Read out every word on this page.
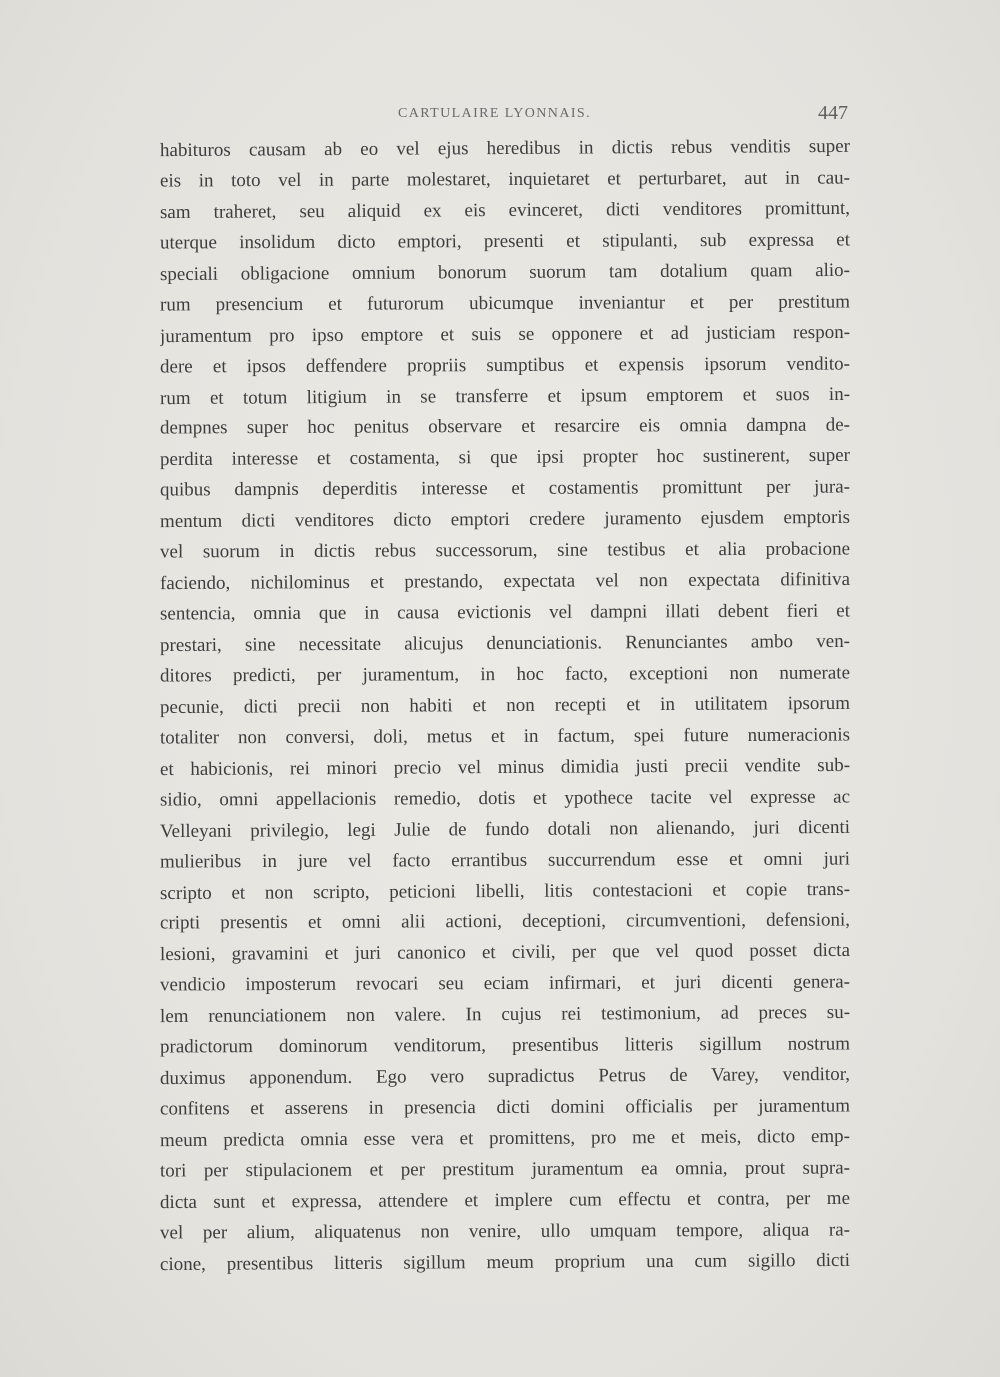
CARTULAIRE LYONNAIS.	447
habituros causam ab eo vel ejus heredibus in dictis rebus venditis super
eis in toto vel in parte molestaret, inquietaret et perturbaret, aut in cau-
sam traheret, seu aliquid ex eis evinceret, dicti venditores promittunt,
uterque insolidum dicto emptori, presenti et stipulanti, sub expressa et
speciali obligacione omnium bonorum suorum tam dotalium quam alio-
rum presencium et futurorum ubicumque inveniantur et per prestitum
juramentum pro ipso emptore et suis se opponere et ad justiciam respon-
dere et ipsos deffendere propriis sumptibus et expensis ipsorum vendito-
rum et totum litigium in se transferre et ipsum emptorem et suos in-
dempnes super hoc penitus observare et resarcire eis omnia dampna de-
perdita interesse et costamenta, si que ipsi propter hoc sustinerent, super
quibus dampnis deperditis interesse et costamentis promittunt per jura-
mentum dicti venditores dicto emptori credere juramento ejusdem emptoris
vel suorum in dictis rebus successorum, sine testibus et alia probacione
faciendo, nichilominus et prestando, expectata vel non expectata difinitiva
sentencia, omnia que in causa evictionis vel dampni illati debent fieri et
prestari, sine necessitate alicujus denunciationis. Renunciantes ambo ven-
ditores predicti, per juramentum, in hoc facto, exceptioni non numerate
pecunie, dicti precii non habiti et non recepti et in utilitatem ipsorum
totaliter non conversi, doli, metus et in factum, spei future numeracionis
et habicionis, rei minori precio vel minus dimidia justi precii vendite sub-
sidio, omni appellacionis remedio, dotis et ypothece tacite vel expresse ac
Velleyani privilegio, legi Julie de fundo dotali non alienando, juri dicenti
mulieribus in jure vel facto errantibus succurrendum esse et omni juri
scripto et non scripto, peticioni libelli, litis contestacioni et copie trans-
cripti presentis et omni alii actioni, deceptioni, circumventioni, defensioni,
lesioni, gravamini et juri canonico et civili, per que vel quod posset dicta
vendicio imposterum revocari seu eciam infirmari, et juri dicenti genera-
lem renunciationem non valere. In cujus rei testimonium, ad preces su-
pradictorum dominorum venditorum, presentibus litteris sigillum nostrum
duximus apponendum. Ego vero supradictus Petrus de Varey, venditor,
confitens et asserens in presencia dicti domini officialis per juramentum
meum predicta omnia esse vera et promittens, pro me et meis, dicto emp-
tori per stipulacionem et per prestitum juramentum ea omnia, prout supra-
dicta sunt et expressa, attendere et implere cum effectu et contra, per me
vel per alium, aliquatenus non venire, ullo umquam tempore, aliqua ra-
cione, presentibus litteris sigillum meum proprium una cum sigillo dicti
